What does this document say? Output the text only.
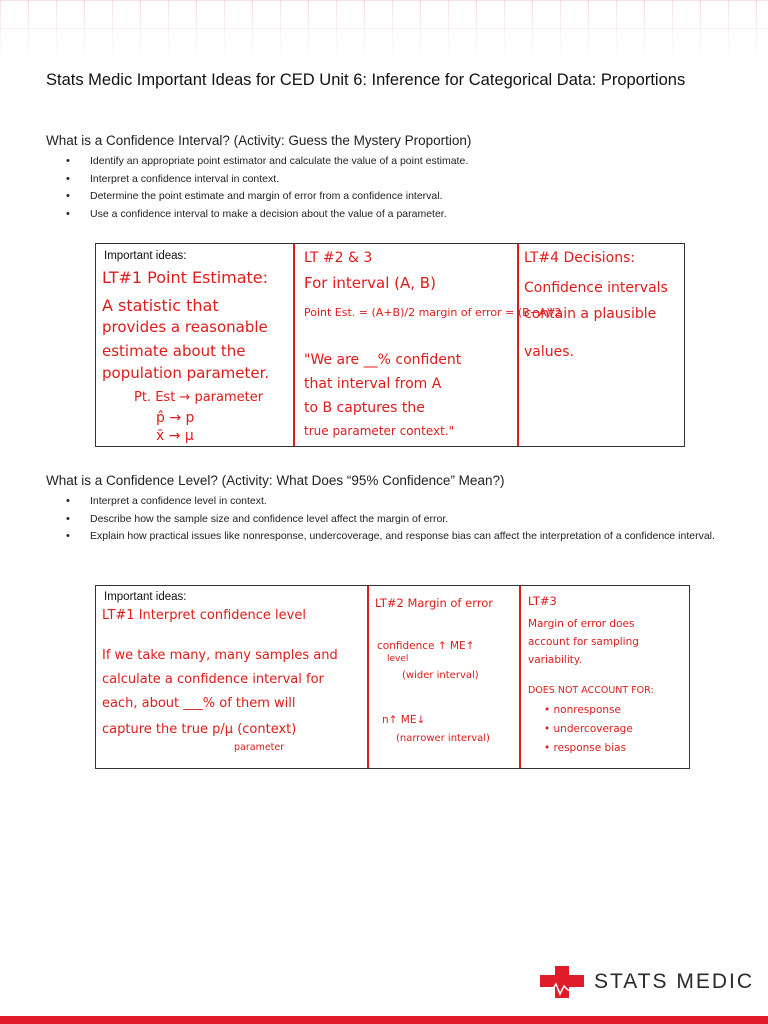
Stats Medic Important Ideas for CED Unit 6: Inference for Categorical Data: Proportions
What is a Confidence Interval? (Activity: Guess the Mystery Proportion)
• Identify an appropriate point estimator and calculate the value of a point estimate.
• Interpret a confidence interval in context.
• Determine the point estimate and margin of error from a confidence interval.
• Use a confidence interval to make a decision about the value of a parameter.
Important ideas:
LT#1 Point Estimate:
A statistic that
provides a reasonable
estimate about the
population parameter.
Pt. Est → parameter
p̂ → p
x̄ → μ
LT #2 & 3
For interval (A, B)
Point Est. = (A+B)/2 margin of error = (B−A)/2
"We are __% confident
that interval from A
to B captures the
true parameter context."
LT#4 Decisions:
Confidence intervals
contain a plausible
values.
What is a Confidence Level? (Activity: What Does “95% Confidence” Mean?)
• Interpret a confidence level in context.
• Describe how the sample size and confidence level affect the margin of error.
• Explain how practical issues like nonresponse, undercoverage, and response bias can affect the interpretation of a confidence interval.
Important ideas:
LT#1 Interpret confidence level
If we take many, many samples and
calculate a confidence interval for
each, about ___% of them will
capture the true p/μ (context)
parameter
LT#2 Margin of error
confidence ↑ ME↑
level
(wider interval)
n↑ ME↓
(narrower interval)
LT#3
Margin of error does
account for sampling
variability.
DOES NOT ACCOUNT FOR:
• nonresponse
• undercoverage
• response bias
STATS MEDIC
